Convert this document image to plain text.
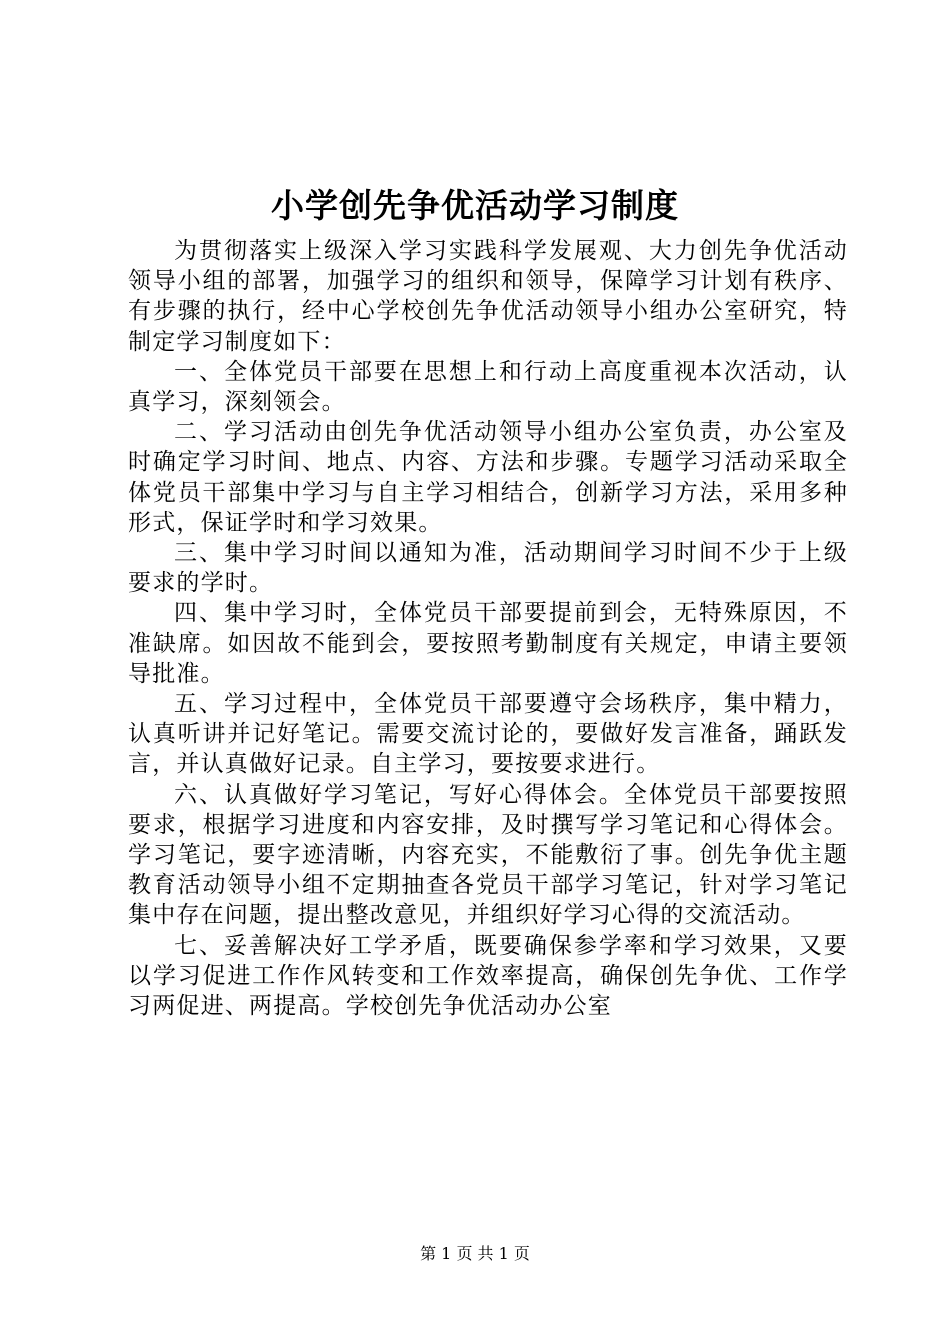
小学创先争优活动学习制度

为贯彻落实上级深入学习实践科学发展观、大力创先争优活动领导小组的部署，加强学习的组织和领导，保障学习计划有秩序、有步骤的执行，经中心学校创先争优活动领导小组办公室研究，特制定学习制度如下：

一、全体党员干部要在思想上和行动上高度重视本次活动，认真学习，深刻领会。

二、学习活动由创先争优活动领导小组办公室负责，办公室及时确定学习时间、地点、内容、方法和步骤。专题学习活动采取全体党员干部集中学习与自主学习相结合，创新学习方法，采用多种形式，保证学时和学习效果。

三、集中学习时间以通知为准，活动期间学习时间不少于上级要求的学时。

四、集中学习时，全体党员干部要提前到会，无特殊原因，不准缺席。如因故不能到会，要按照考勤制度有关规定，申请主要领导批准。

五、学习过程中，全体党员干部要遵守会场秩序，集中精力，认真听讲并记好笔记。需要交流讨论的，要做好发言准备，踊跃发言，并认真做好记录。自主学习，要按要求进行。

六、认真做好学习笔记，写好心得体会。全体党员干部要按照要求，根据学习进度和内容安排，及时撰写学习笔记和心得体会。学习笔记，要字迹清晰，内容充实，不能敷衍了事。创先争优主题教育活动领导小组不定期抽查各党员干部学习笔记，针对学习笔记集中存在问题，提出整改意见，并组织好学习心得的交流活动。

七、妥善解决好工学矛盾，既要确保参学率和学习效果，又要以学习促进工作作风转变和工作效率提高，确保创先争优、工作学习两促进、两提高。学校创先争优活动办公室

第 1 页 共 1 页
